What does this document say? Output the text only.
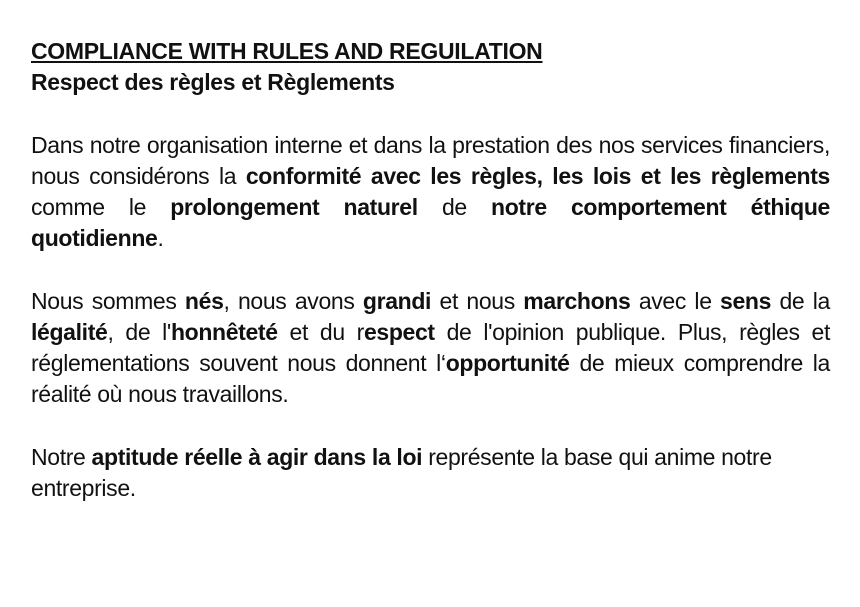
COMPLIANCE WITH RULES AND REGUILATION

Respect des règles et Règlements

Dans notre organisation interne et dans la prestation des nos services financiers, nous considérons la conformité avec les règles, les lois et les règlements comme le prolongement naturel de notre comportement éthique quotidienne.

Nous sommes nés, nous avons grandi et nous marchons avec le sens de la légalité, de l'honnêteté et du respect de l'opinion publique. Plus, règles et réglementations souvent nous donnent l‘opportunité de mieux comprendre la réalité où nous travaillons.

Notre aptitude réelle à agir dans la loi représente la base qui anime notre entreprise.
